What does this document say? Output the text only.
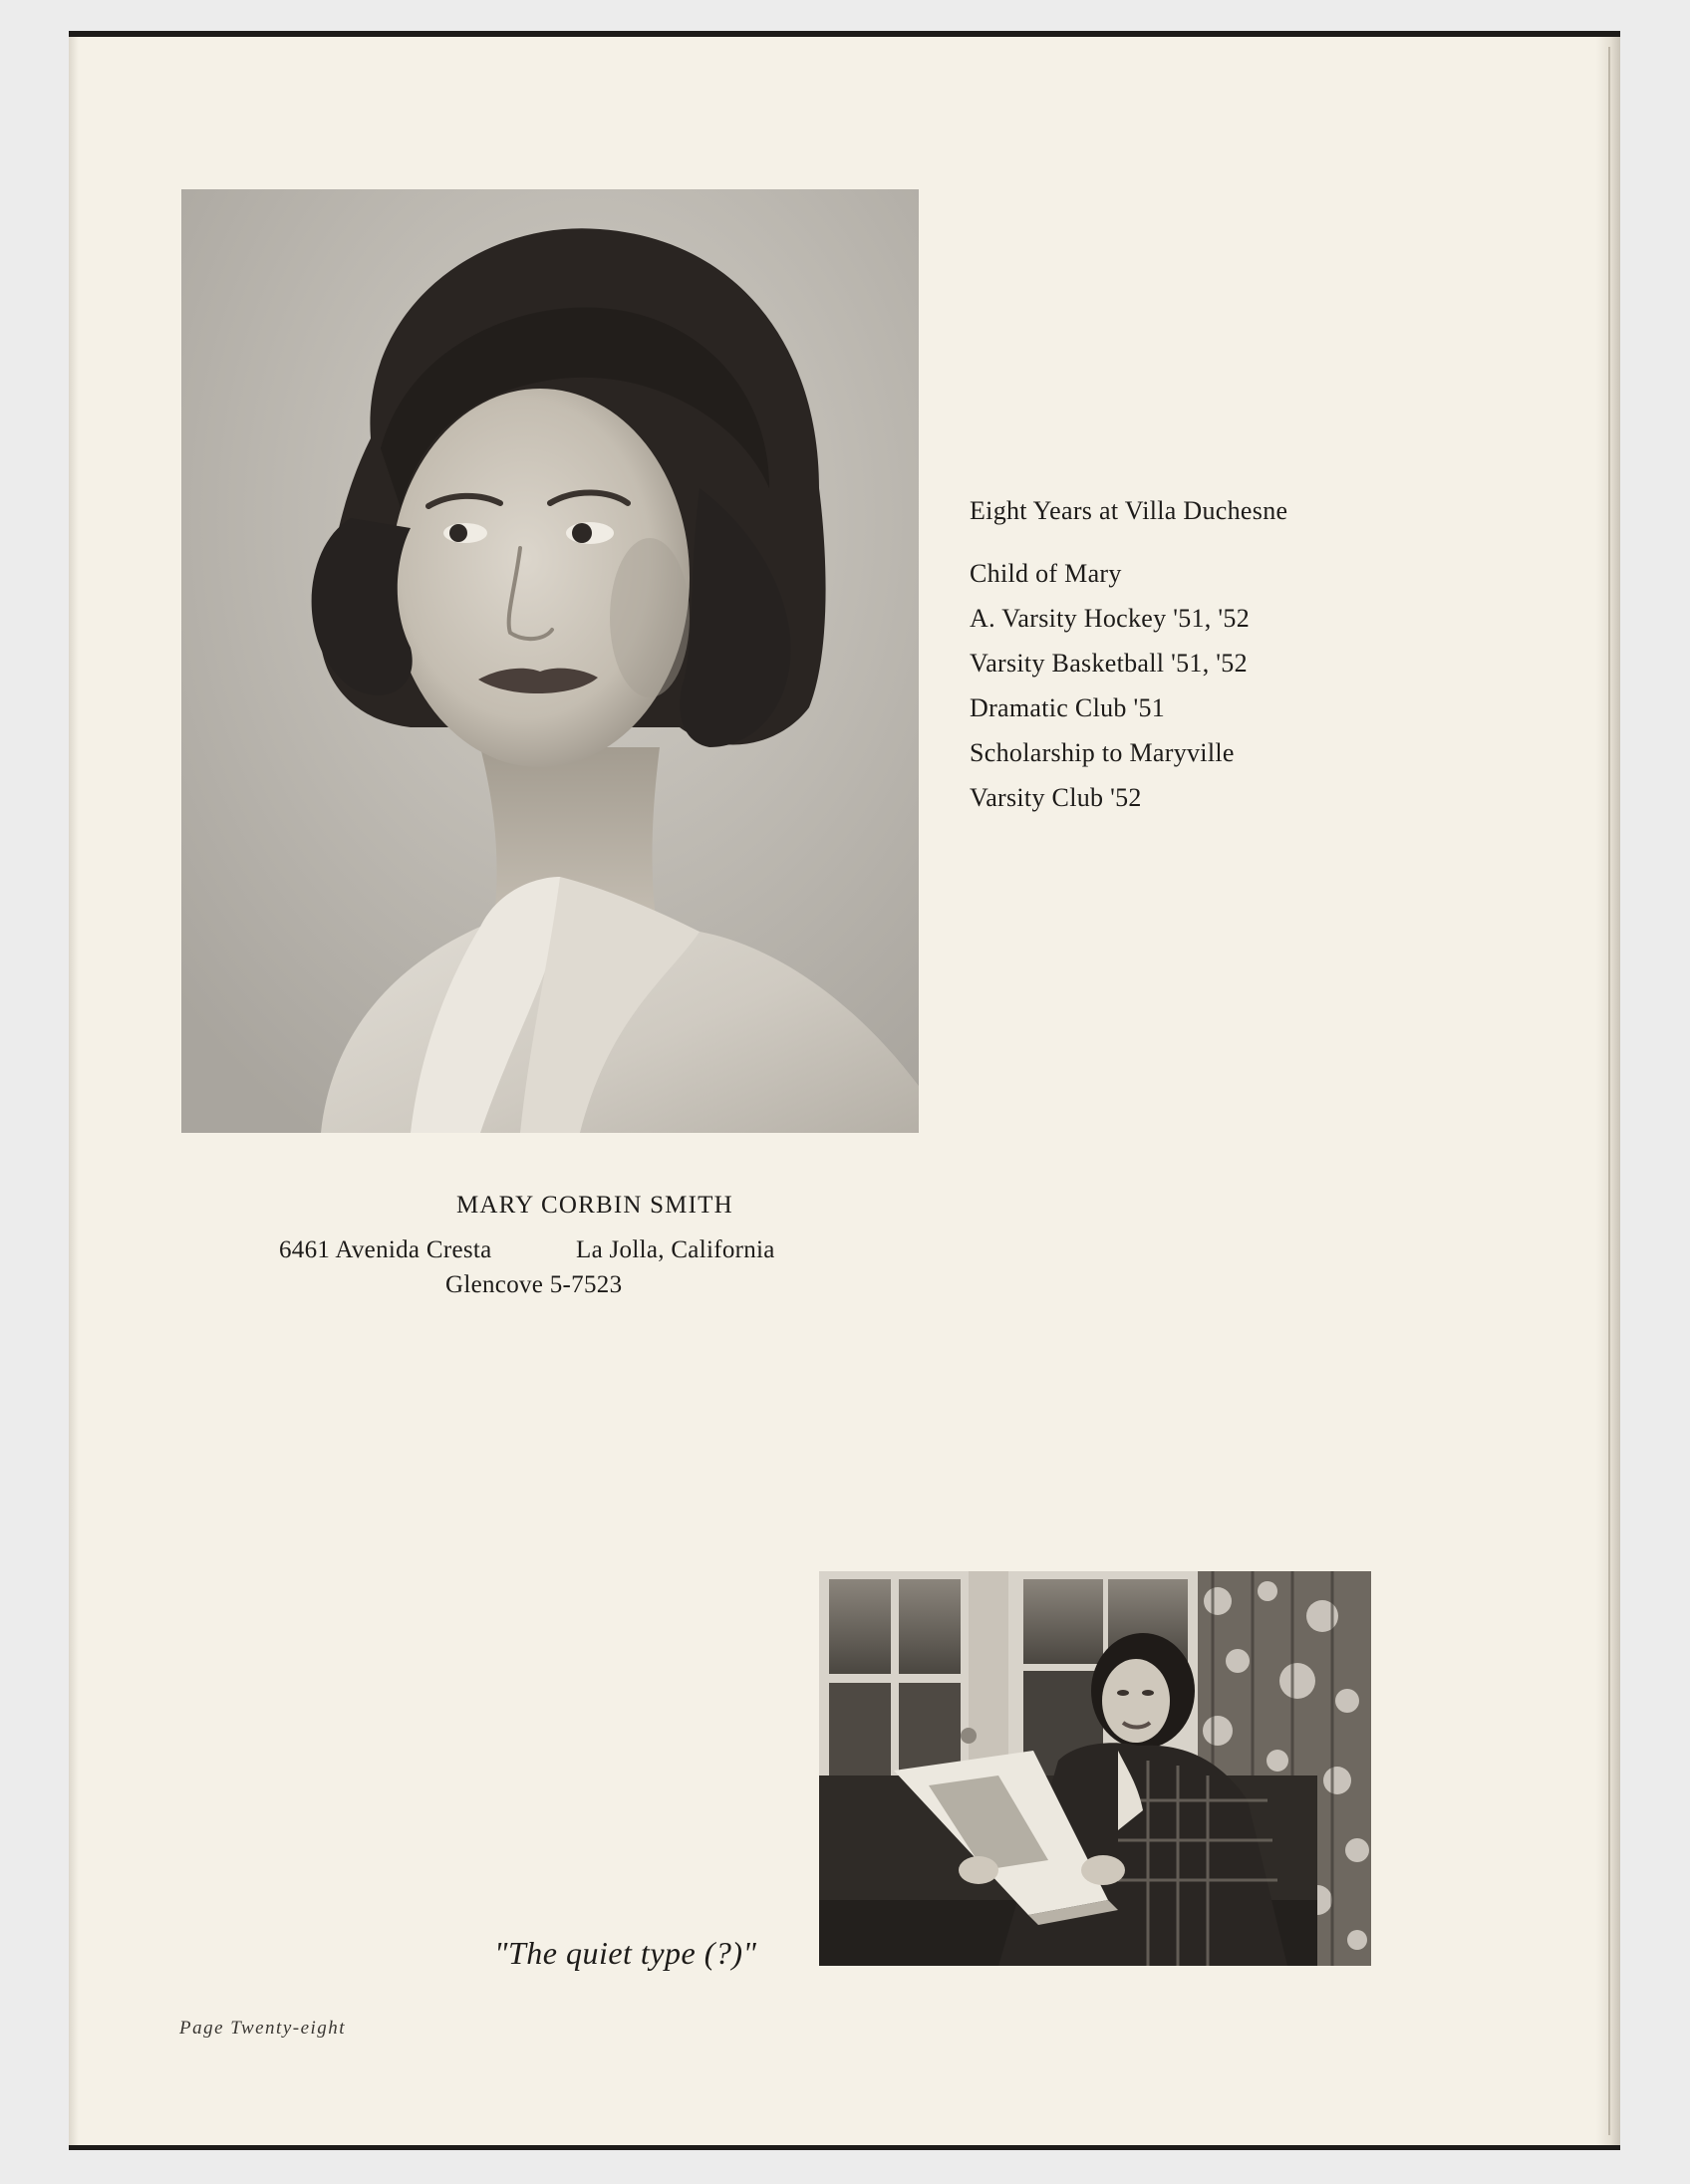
Eight Years at Villa Duchesne
Child of Mary
A. Varsity Hockey '51, '52
Varsity Basketball '51, '52
Dramatic Club '51
Scholarship to Maryville
Varsity Club '52
MARY CORBIN SMITH
6461 Avenida Cresta	La Jolla, California
Glencove 5-7523
"The quiet type (?)"
Page Twenty-eight
